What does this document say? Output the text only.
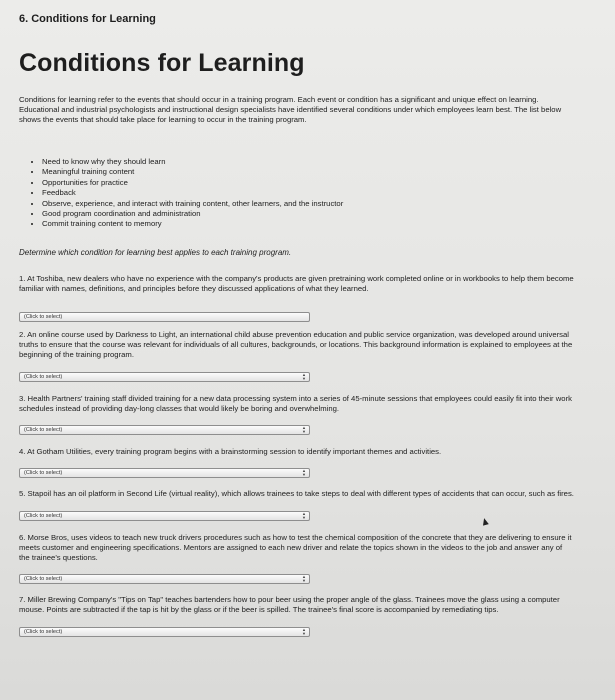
6. Conditions for Learning
Conditions for Learning

Conditions for learning refer to the events that should occur in a training program. Each event or condition has a significant and unique effect on learning. Educational and industrial psychologists and instructional design specialists have identified several conditions under which employees learn best. The list below shows the events that should take place for learning to occur in the training program.

• Need to know why they should learn
• Meaningful training content
• Opportunities for practice
• Feedback
• Observe, experience, and interact with training content, other learners, and the instructor
• Good program coordination and administration
• Commit training content to memory
Determine which condition for learning best applies to each training program.

1. At Toshiba, new dealers who have no experience with the company's products are given pretraining work completed online or in workbooks to help them become familiar with names, definitions, and principles before they discussed applications of what they learned.

(Click to select)

2. An online course used by Darkness to Light, an international child abuse prevention education and public service organization, was developed around universal truths to ensure that the course was relevant for individuals of all cultures, backgrounds, or locations. This background information is explained to employees at the beginning of the training program.

(Click to select)	▲
▼

3. Health Partners' training staff divided training for a new data processing system into a series of 45-minute sessions that employees could easily fit into their work schedules instead of providing day-long classes that would likely be boring and overwhelming.

(Click to select)	▲
▼

4. At Gotham Utilities, every training program begins with a brainstorming session to identify important themes and activities.

(Click to select)	▲
▼

5. Stapoil has an oil platform in Second Life (virtual reality), which allows trainees to take steps to deal with different types of accidents that can occur, such as fires.

(Click to select)	▲
▼

6. Morse Bros, uses videos to teach new truck drivers procedures such as how to test the chemical composition of the concrete that they are delivering to ensure it meets customer and engineering specifications. Mentors are assigned to each new driver and relate the topics shown in the videos to the job and answer any of the trainee's questions.

(Click to select)	▲
▼

7. Miller Brewing Company's "Tips on Tap" teaches bartenders how to pour beer using the proper angle of the glass. Trainees move the glass using a computer mouse. Points are subtracted if the tap is hit by the glass or if the beer is spilled. The trainee's final score is accompanied by remediating tips.

(Click to select)	▲
▼
